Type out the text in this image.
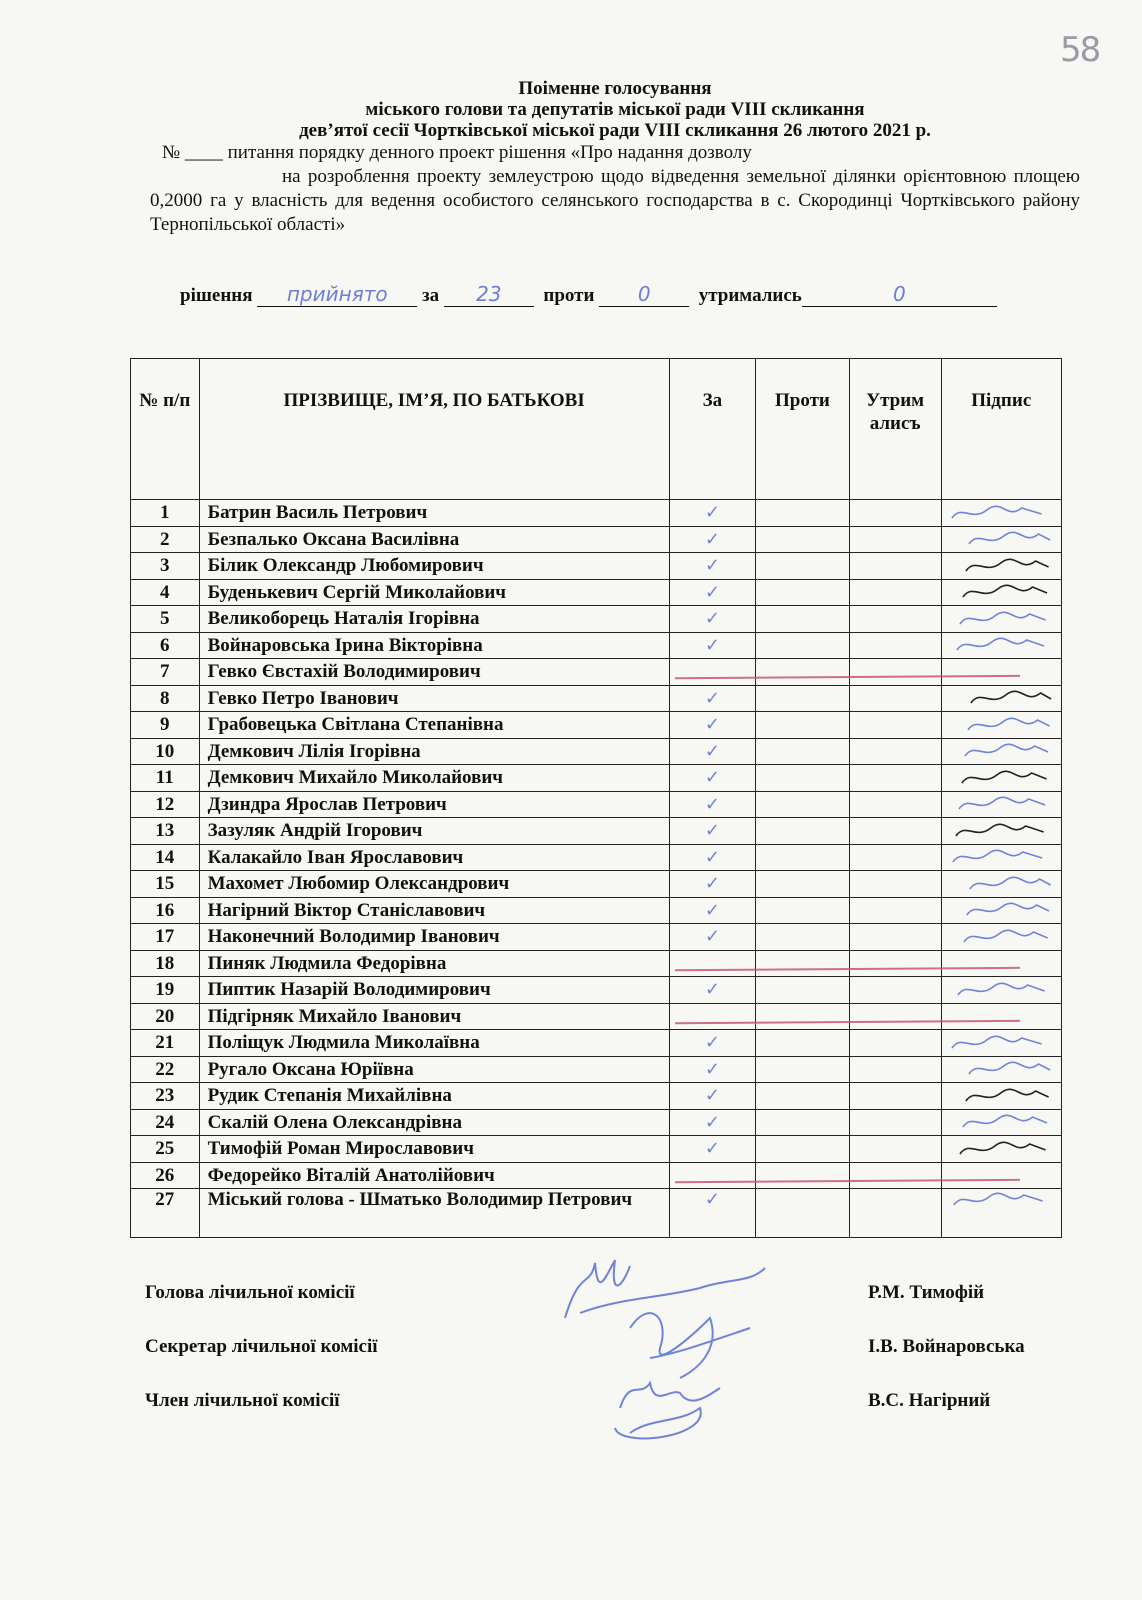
58

Поіменне голосування

міського голови та депутатів міської ради VIII скликання

дев’ятої сесії Чортківської міської ради VIII скликання 26 лютого 2021 р.

№ ____ питання порядку денного проект рішення «Про надання дозволу

на розроблення проекту землеустрою щодо відведення земельної ділянки орієнтовною площею 0,2000 га у власність для ведення особистого селянського господарства в с. Скородинці Чортківського району Тернопільської області»

рішення прийнято за 23 проти 0	утримались	0
№ п/п	ПРІЗВИЩЕ, ІМ’Я, ПО БАТЬКОВІ	За	Проти	Утрималисъ	Підпис
1	Батрин Василь Петрович	✓			

2	Безпалько Оксана Василівна	✓			

3	Білик Олександр Любомирович	✓			

4	Буденькевич Сергій Миколайович	✓			

5	Великоборець Наталія Ігорівна	✓			

6	Войнаровська Ірина Вікторівна	✓			

7	Гевко Євстахій Володимирович				
8	Гевко Петро Іванович	✓			

9	Грабовецька Світлана Степанівна	✓			

10	Демкович Лілія Ігорівна	✓			

11	Демкович Михайло Миколайович	✓			

12	Дзиндра Ярослав Петрович	✓			

13	Зазуляк Андрій Ігорович	✓			

14	Калакайло Іван Ярославович	✓			

15	Махомет Любомир Олександрович	✓			

16	Нагірний Віктор Станіславович	✓			

17	Наконечний Володимир Іванович	✓			

18	Пиняк Людмила Федорівна				
19	Пиптик Назарій Володимирович	✓			

20	Підгірняк Михайло Іванович				
21	Поліщук Людмила Миколаївна	✓			

22	Ругало Оксана Юріївна	✓			

23	Рудик Степанія Михайлівна	✓			

24	Скалій Олена Олександрівна	✓			

25	Тимофій Роман Мирославович	✓			

26	Федорейко Віталій Анатолійович				
27	Міський голова - Шматько Володимир Петрович	✓			
Голова лічильної комісії
Секретар лічильної комісії
Член лічильної комісії
Р.М. Тимофій
І.В. Войнаровська
В.С. Нагірний
